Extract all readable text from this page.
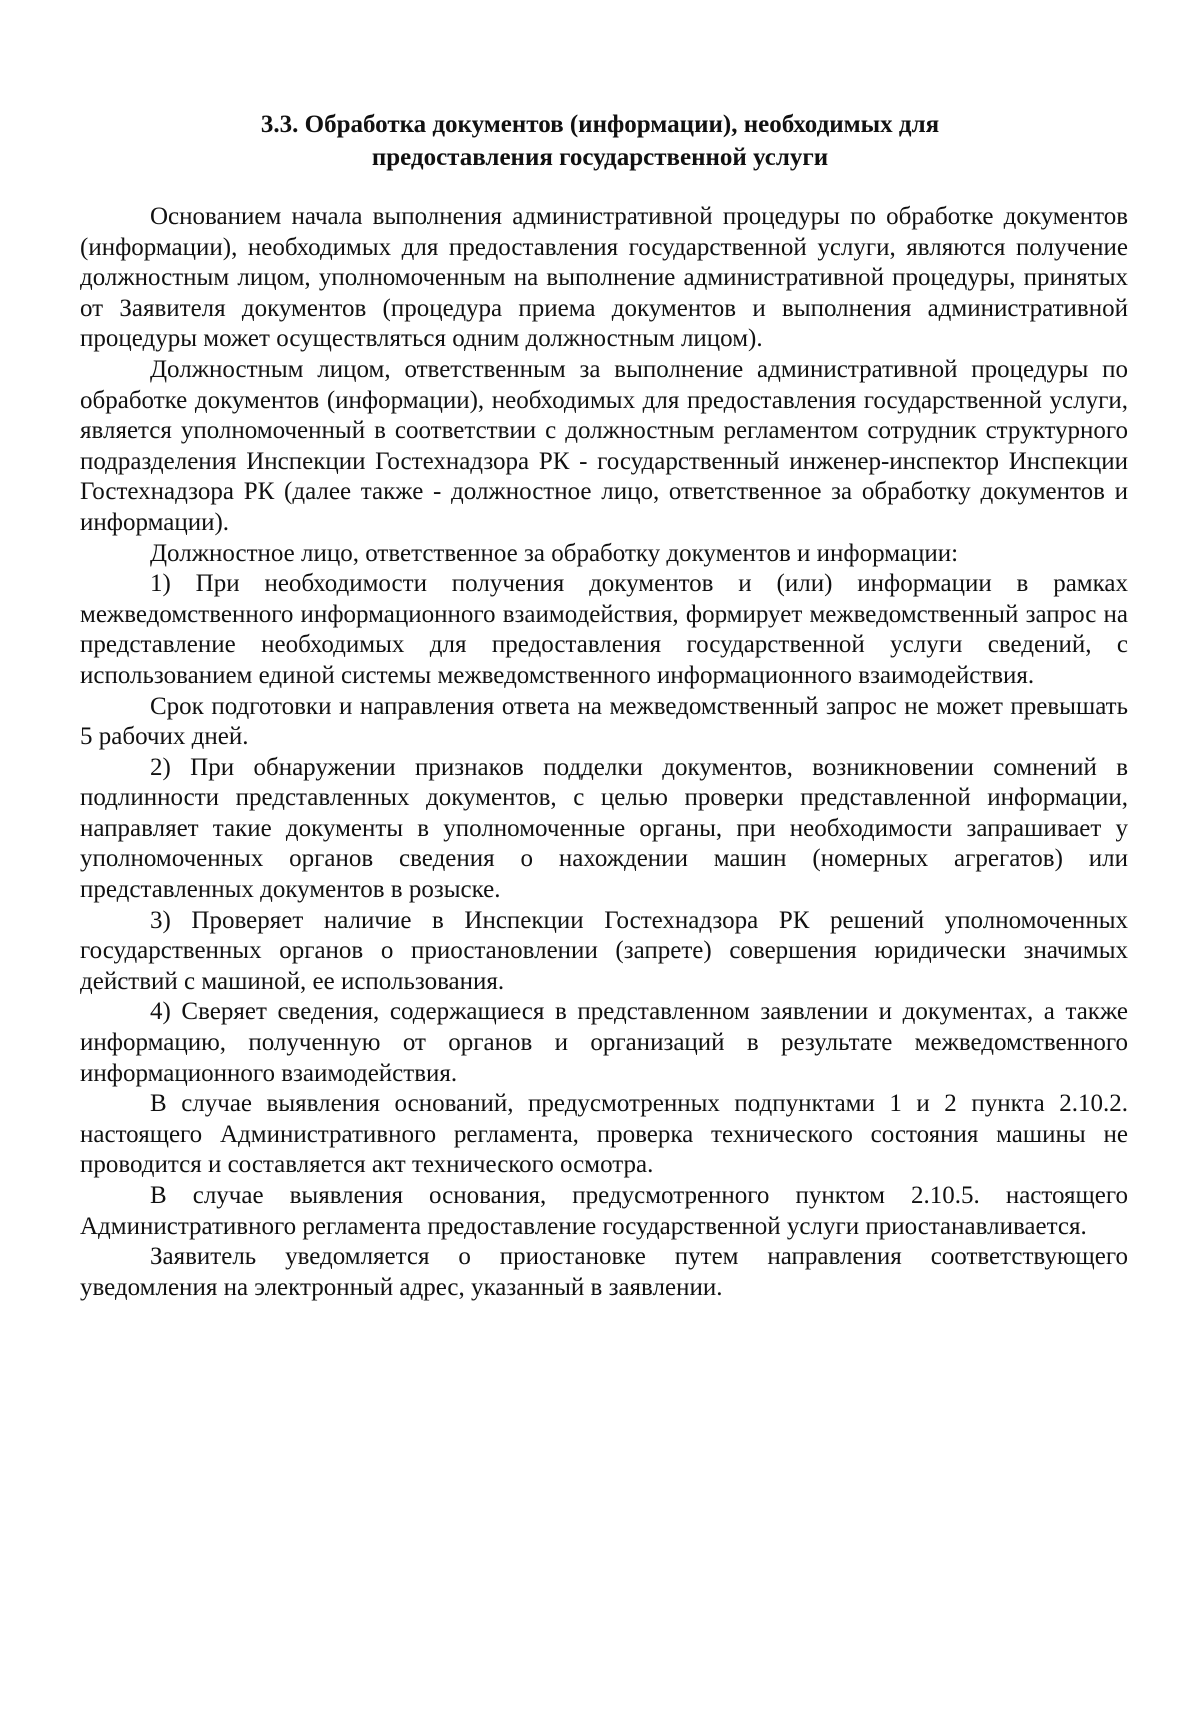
3.3. Обработка документов (информации), необходимых для
предоставления государственной услуги

Основанием начала выполнения административной процедуры по обработке документов (информации), необходимых для предоставления государственной услуги, являются получение должностным лицом, уполномоченным на выполнение административной процедуры, принятых от Заявителя документов (процедура приема документов и выполнения административной процедуры может осуществляться одним должностным лицом).

Должностным лицом, ответственным за выполнение административной процедуры по обработке документов (информации), необходимых для предоставления государственной услуги, является уполномоченный в соответствии с должностным регламентом сотрудник структурного подразделения Инспекции Гостехнадзора РК - государственный инженер-инспектор Инспекции Гостехнадзора РК (далее также - должностное лицо, ответственное за обработку документов и информации).

Должностное лицо, ответственное за обработку документов и информации:

1) При необходимости получения документов и (или) информации в рамках межведомственного информационного взаимодействия, формирует межведомственный запрос на представление необходимых для предоставления государственной услуги сведений, с использованием единой системы межведомственного информационного взаимодействия.

Срок подготовки и направления ответа на межведомственный запрос не может превышать 5 рабочих дней.

2) При обнаружении признаков подделки документов, возникновении сомнений в подлинности представленных документов, с целью проверки представленной информации, направляет такие документы в уполномоченные органы, при необходимости запрашивает у уполномоченных органов сведения о нахождении машин (номерных агрегатов) или представленных документов в розыске.

3) Проверяет наличие в Инспекции Гостехнадзора РК решений уполномоченных государственных органов о приостановлении (запрете) совершения юридически значимых действий с машиной, ее использования.

4) Сверяет сведения, содержащиеся в представленном заявлении и документах, а также информацию, полученную от органов и организаций в результате межведомственного информационного взаимодействия.

В случае выявления оснований, предусмотренных подпунктами 1 и 2 пункта 2.10.2. настоящего Административного регламента, проверка технического состояния машины не проводится и составляется акт технического осмотра.

В случае выявления основания, предусмотренного пунктом 2.10.5. настоящего Административного регламента предоставление государственной услуги приостанавливается.

Заявитель уведомляется о приостановке путем направления соответствующего уведомления на электронный адрес, указанный в заявлении.
